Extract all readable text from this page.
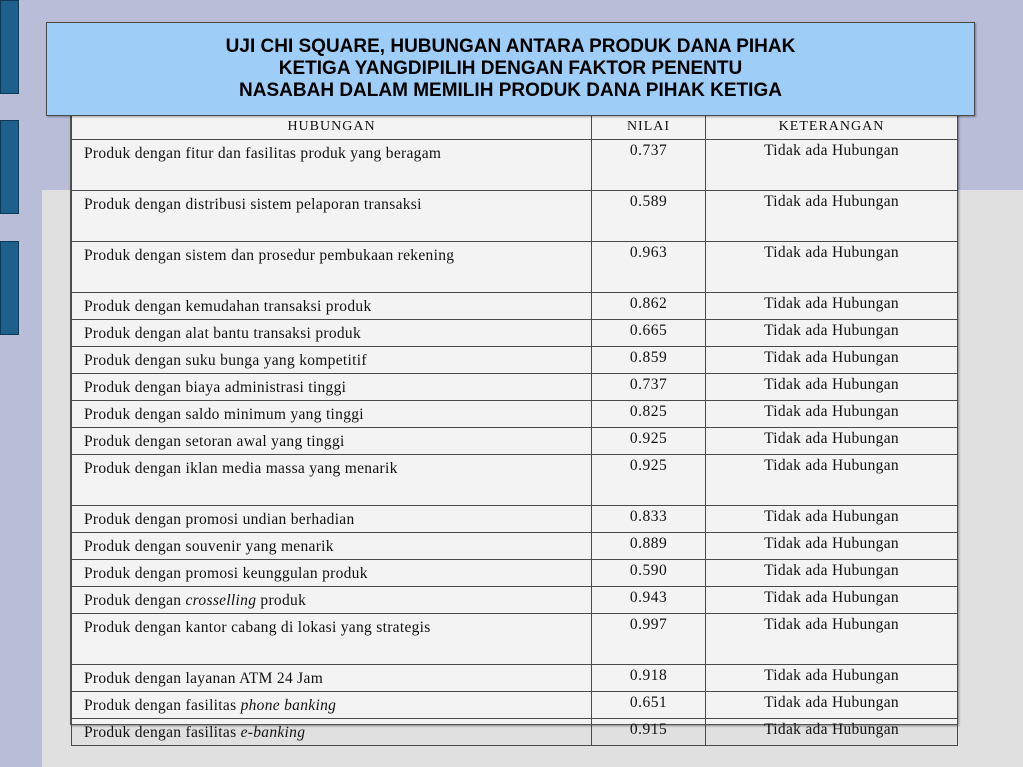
UJI CHI SQUARE, HUBUNGAN ANTARA PRODUK DANA PIHAK
KETIGA YANGDIPILIH DENGAN FAKTOR PENENTU
NASABAH DALAM MEMILIH PRODUK DANA PIHAK KETIGA
HUBUNGAN	NILAI	KETERANGAN
Produk dengan fitur dan fasilitas produk yang beragam	0.737	Tidak ada Hubungan
Produk dengan distribusi sistem pelaporan transaksi	0.589	Tidak ada Hubungan
Produk dengan sistem dan prosedur pembukaan rekening	0.963	Tidak ada Hubungan
Produk dengan kemudahan transaksi produk	0.862	Tidak ada Hubungan
Produk dengan alat bantu transaksi produk	0.665	Tidak ada Hubungan
Produk dengan suku bunga yang kompetitif	0.859	Tidak ada Hubungan
Produk dengan biaya administrasi tinggi	0.737	Tidak ada Hubungan
Produk dengan saldo minimum yang tinggi	0.825	Tidak ada Hubungan
Produk dengan setoran awal yang tinggi	0.925	Tidak ada Hubungan
Produk dengan iklan media massa yang menarik	0.925	Tidak ada Hubungan
Produk dengan promosi undian berhadian	0.833	Tidak ada Hubungan
Produk dengan souvenir yang menarik	0.889	Tidak ada Hubungan
Produk dengan promosi keunggulan produk	0.590	Tidak ada Hubungan
Produk dengan crosselling produk	0.943	Tidak ada Hubungan
Produk dengan kantor cabang di lokasi yang strategis	0.997	Tidak ada Hubungan
Produk dengan layanan ATM 24 Jam	0.918	Tidak ada Hubungan
Produk dengan fasilitas phone banking	0.651	Tidak ada Hubungan
Produk dengan fasilitas e-banking	0.915	Tidak ada Hubungan
